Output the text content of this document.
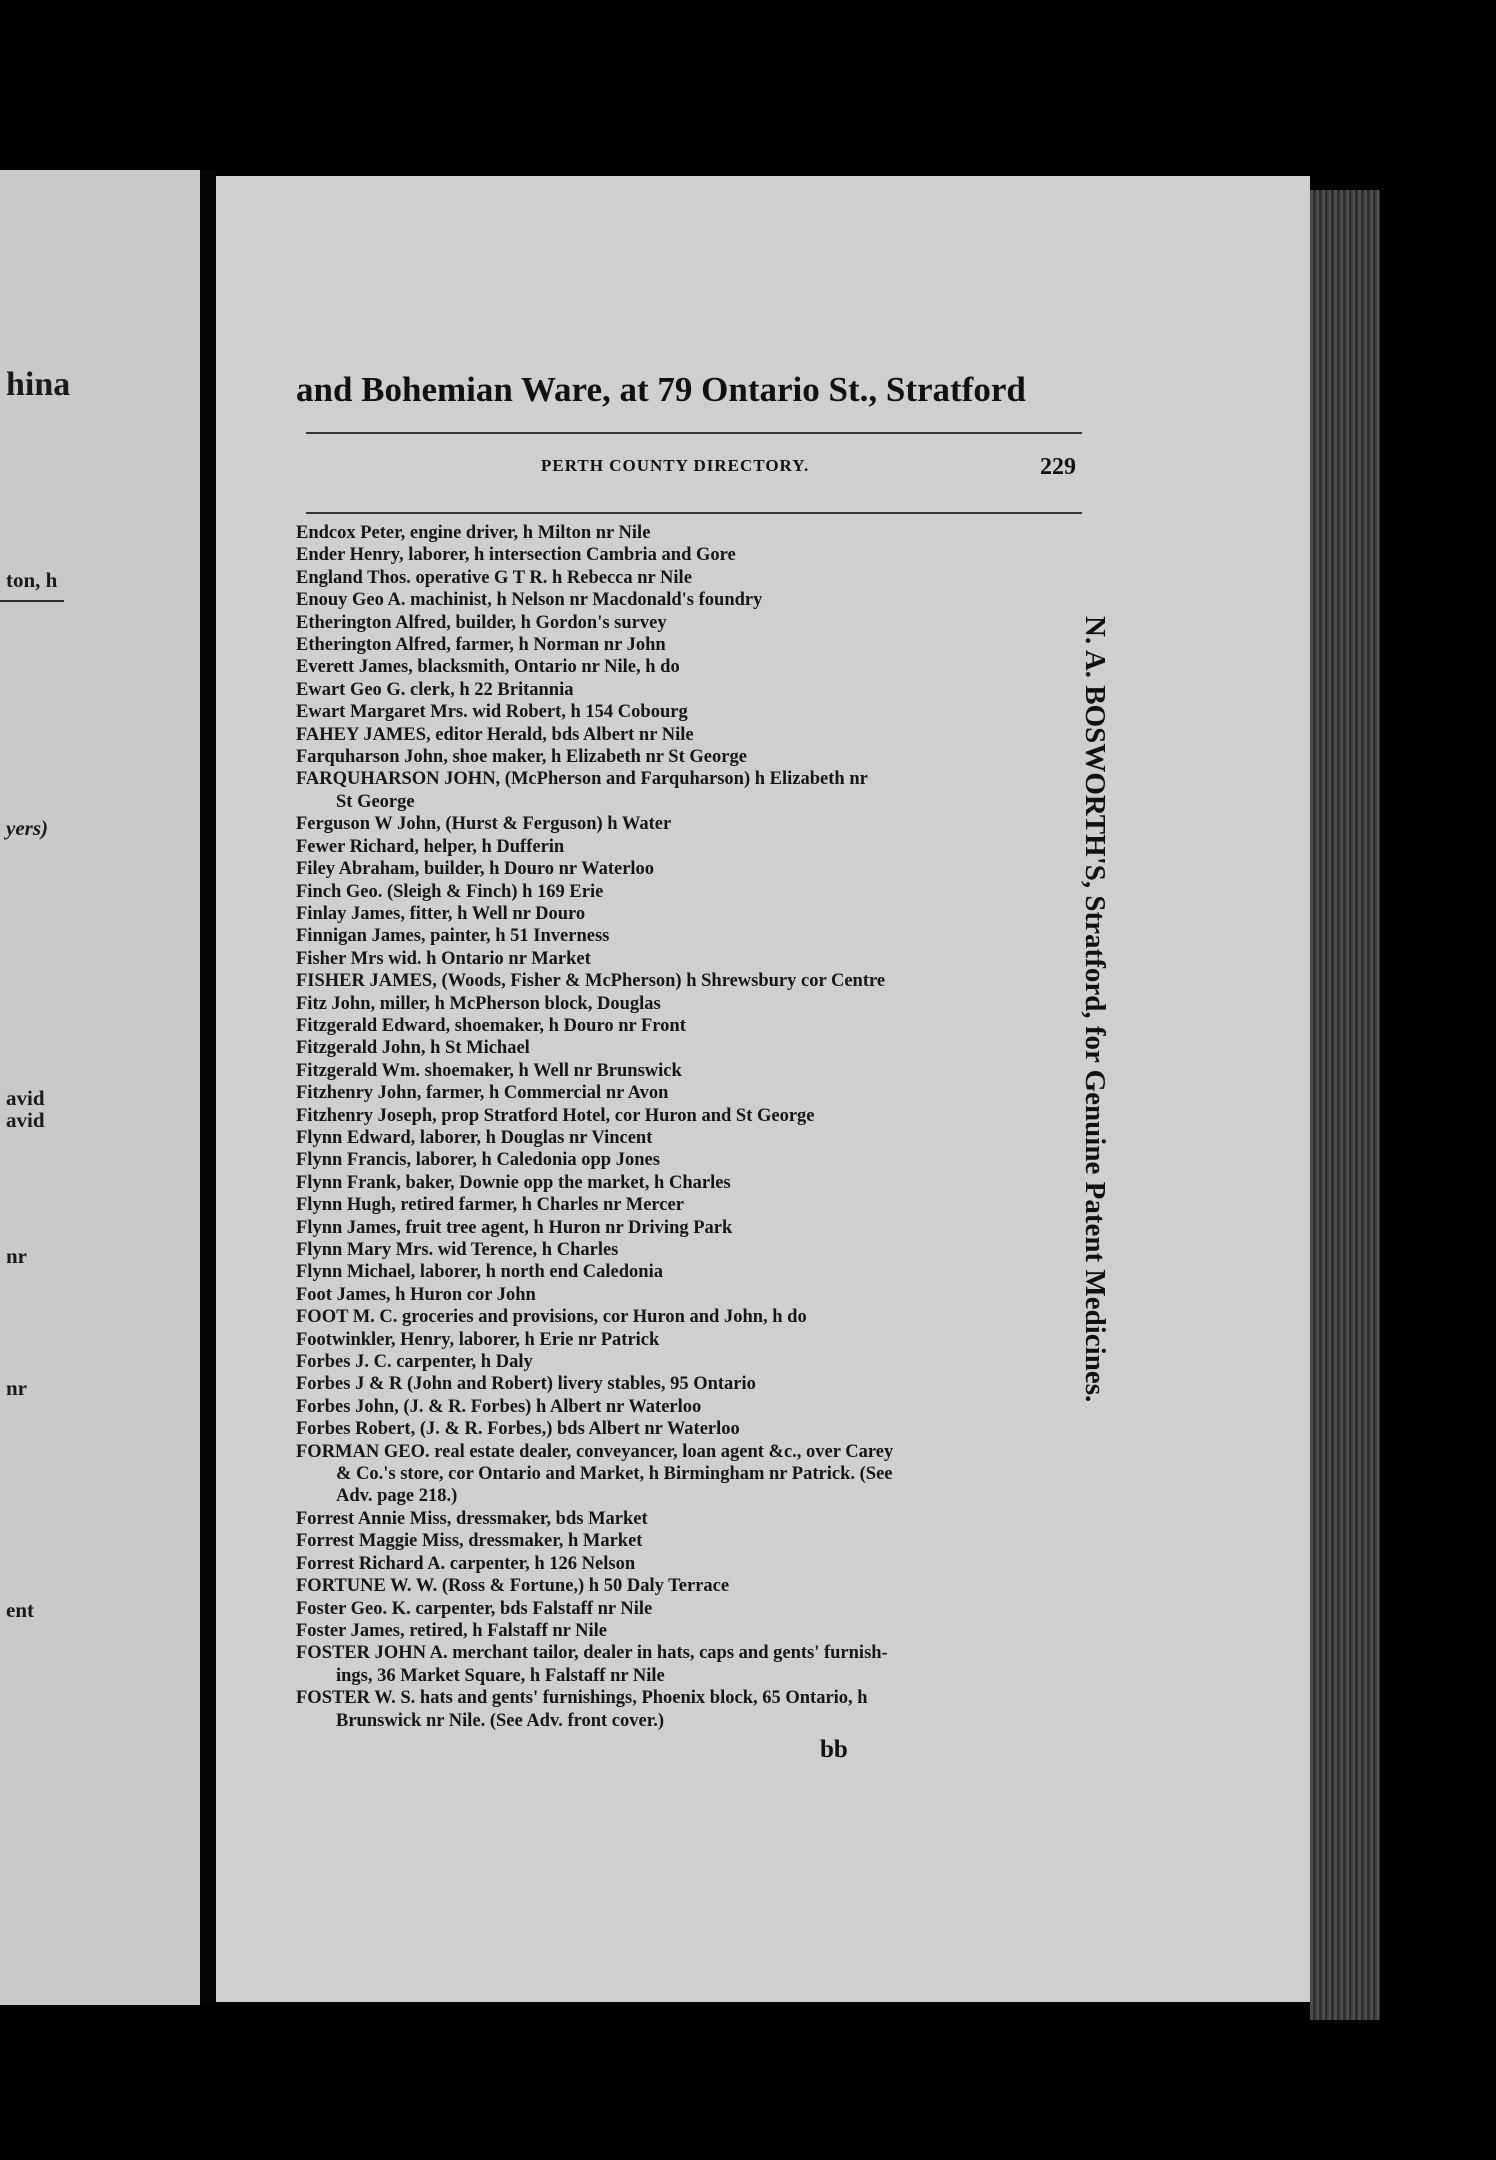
hina
ton, h
yers)
avid
avid
nr
nr
ent
and Bohemian Ware, at 79 Ontario St., Stratford
PERTH COUNTY DIRECTORY.	229
Endcox Peter, engine driver, h Milton nr Nile
Ender Henry, laborer, h intersection Cambria and Gore
England Thos. operative G T R. h Rebecca nr Nile
Enouy Geo A. machinist, h Nelson nr Macdonald's foundry
Etherington Alfred, builder, h Gordon's survey
Etherington Alfred, farmer, h Norman nr John
Everett James, blacksmith, Ontario nr Nile, h do
Ewart Geo G. clerk, h 22 Britannia
Ewart Margaret Mrs. wid Robert, h 154 Cobourg
FAHEY JAMES, editor Herald, bds Albert nr Nile
Farquharson John, shoe maker, h Elizabeth nr St George
FARQUHARSON JOHN, (McPherson and Farquharson) h Elizabeth nr
St George
Ferguson W John, (Hurst & Ferguson) h Water
Fewer Richard, helper, h Dufferin
Filey Abraham, builder, h Douro nr Waterloo
Finch Geo. (Sleigh & Finch) h 169 Erie
Finlay James, fitter, h Well nr Douro
Finnigan James, painter, h 51 Inverness
Fisher Mrs wid. h Ontario nr Market
FISHER JAMES, (Woods, Fisher & McPherson) h Shrewsbury cor Centre
Fitz John, miller, h McPherson block, Douglas
Fitzgerald Edward, shoemaker, h Douro nr Front
Fitzgerald John, h St Michael
Fitzgerald Wm. shoemaker, h Well nr Brunswick
Fitzhenry John, farmer, h Commercial nr Avon
Fitzhenry Joseph, prop Stratford Hotel, cor Huron and St George
Flynn Edward, laborer, h Douglas nr Vincent
Flynn Francis, laborer, h Caledonia opp Jones
Flynn Frank, baker, Downie opp the market, h Charles
Flynn Hugh, retired farmer, h Charles nr Mercer
Flynn James, fruit tree agent, h Huron nr Driving Park
Flynn Mary Mrs. wid Terence, h Charles
Flynn Michael, laborer, h north end Caledonia
Foot James, h Huron cor John
FOOT M. C. groceries and provisions, cor Huron and John, h do
Footwinkler, Henry, laborer, h Erie nr Patrick
Forbes J. C. carpenter, h Daly
Forbes J & R (John and Robert) livery stables, 95 Ontario
Forbes John, (J. & R. Forbes) h Albert nr Waterloo
Forbes Robert, (J. & R. Forbes,) bds Albert nr Waterloo
FORMAN GEO. real estate dealer, conveyancer, loan agent &c., over Carey
& Co.'s store, cor Ontario and Market, h Birmingham nr Patrick. (See
Adv. page 218.)
Forrest Annie Miss, dressmaker, bds Market
Forrest Maggie Miss, dressmaker, h Market
Forrest Richard A. carpenter, h 126 Nelson
FORTUNE W. W. (Ross & Fortune,) h 50 Daly Terrace
Foster Geo. K. carpenter, bds Falstaff nr Nile
Foster James, retired, h Falstaff nr Nile
FOSTER JOHN A. merchant tailor, dealer in hats, caps and gents' furnish-
ings, 36 Market Square, h Falstaff nr Nile
FOSTER W. S. hats and gents' furnishings, Phoenix block, 65 Ontario, h
Brunswick nr Nile. (See Adv. front cover.)
bb
N. A. BOSWORTH'S, Stratford, for Genuine Patent Medicines.
